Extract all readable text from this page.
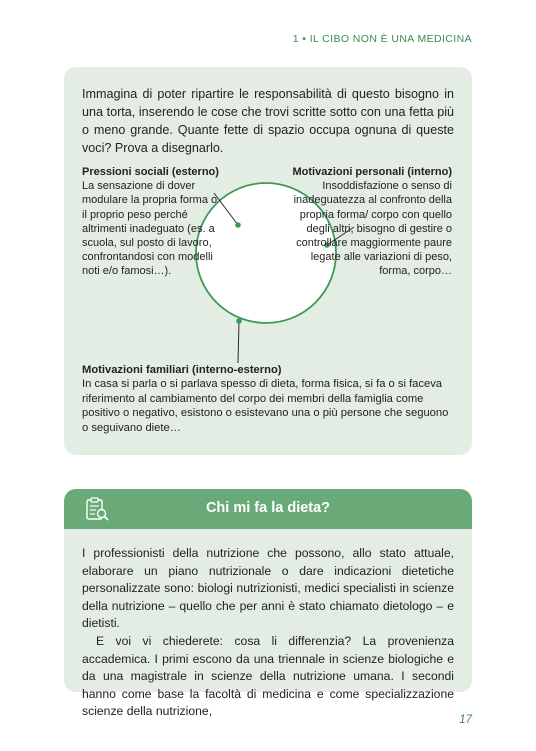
1 • IL CIBO NON È UNA MEDICINA

Immagina di poter ripartire le responsabilità di questo bisogno in una torta, inserendo le cose che trovi scritte sotto con una fetta più o meno grande. Quante fette di spazio occupa ognuna di queste voci? Prova a disegnarlo.

Pressioni sociali (esterno)
La sensazione di dover modulare la propria forma o il proprio peso perché altrimenti inadeguato (es. a scuola, sul posto di lavoro, confrontandosi con modelli noti e/o famosi…).
Motivazioni personali (interno)
Insoddisfazione o senso di inadeguatezza al confronto della propria forma/ corpo con quello degli altri, bisogno di gestire o controllare maggiormente paure legate alle variazioni di peso, forma, corpo…
Motivazioni familiari (interno-esterno)
In casa si parla o si parlava spesso di dieta, forma fisica, si fa o si faceva riferimento al cambiamento del corpo dei membri della famiglia come positivo o negativo, esistono o esistevano una o più persone che seguono o seguivano diete…
Chi mi fa la dieta?

I professionisti della nutrizione che possono, allo stato attuale, elaborare un piano nutrizionale o dare indicazioni dietetiche personalizzate sono: biologi nutrizionisti, medici specialisti in scienze della nutrizione – quello che per anni è stato chiamato dietologo – e dietisti.

E voi vi chiederete: cosa li differenzia? La provenienza accademica. I primi escono da una triennale in scienze biologiche e da una magistrale in scienze della nutrizione umana. I secondi hanno come base la facoltà di medicina e come specializzazione scienze della nutrizione,

17
